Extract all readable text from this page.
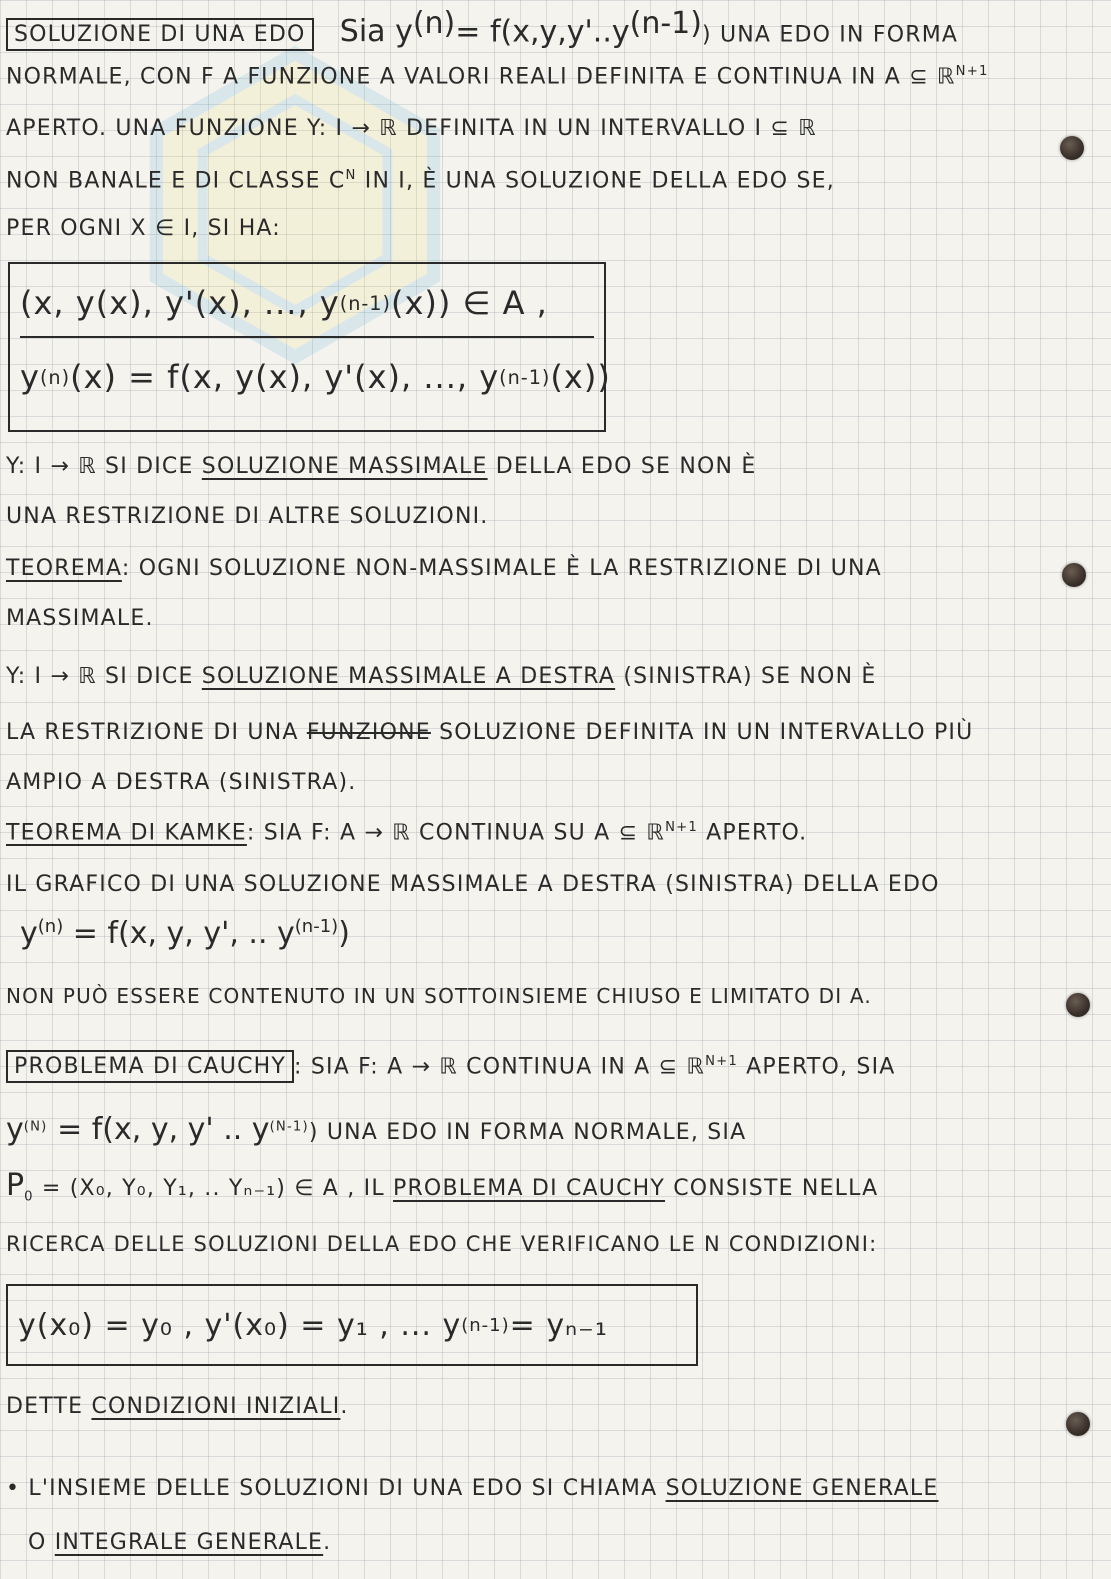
SOLUZIONE DI UNA EDO Sia $y^{(n)}= f(x,y,y'..y^{(n-1)})$ UNA EDO IN FORMA
NORMALE, CON F A FUNZIONE A VALORI REALI DEFINITA E CONTINUA IN A ⊆ ℝ$^{N+1}$
APERTO. UNA FUNZIONE Y: I → ℝ DEFINITA IN UN INTERVALLO I ⊆ ℝ
NON BANALE E DI CLASSE $C^N$ IN I, È UNA SOLUZIONE DELLA EDO SE,
PER OGNI X ∈ I, SI HA:
(x, y(x), y'(x), ..., y (n-1) (x)) ∈ A ,
y (n) (x) = f(x, y(x), y'(x), ..., y (n-1) (x))
Y: I → ℝ SI DICE SOLUZIONE MASSIMALE DELLA EDO SE NON È
UNA RESTRIZIONE DI ALTRE SOLUZIONI.
TEOREMA: OGNI SOLUZIONE NON-MASSIMALE È LA RESTRIZIONE DI UNA
MASSIMALE.
Y: I → ℝ SI DICE SOLUZIONE MASSIMALE A DESTRA (SINISTRA) SE NON È
LA RESTRIZIONE DI UNA FUNZIONE SOLUZIONE DEFINITA IN UN INTERVALLO PIÙ
AMPIO A DESTRA (SINISTRA).
TEOREMA DI KAMKE: SIA F: A → ℝ CONTINUA SU A ⊆ ℝ$^{N+1}$ APERTO.
IL GRAFICO DI UNA SOLUZIONE MASSIMALE A DESTRA (SINISTRA) DELLA EDO
$y^{(n)} = f(x$, y, y', .. $y^{(n-1)}$)
NON PUÒ ESSERE CONTENUTO IN UN SOTTOINSIEME CHIUSO E LIMITATO DI A.
PROBLEMA DI CAUCHY : SIA F: A → ℝ CONTINUA IN A ⊆ ℝ$^{N+1}$ APERTO, SIA
$y^{(N)} = f(x$, y, y' .. $y^{(N-1)}$) UNA EDO IN FORMA NORMALE, SIA
$P_0 = (X_0$, Y₀, Y₁, .. Yₙ₋₁) ∈ A , IL PROBLEMA DI CAUCHY CONSISTE NELLA
RICERCA DELLE SOLUZIONI DELLA EDO CHE VERIFICANO LE N CONDIZIONI:
y(x₀) = y₀ , y'(x₀) = y₁ , ... y (n-1) = yₙ₋₁
DETTE CONDIZIONI INIZIALI.
• L'INSIEME DELLE SOLUZIONI DI UNA EDO SI CHIAMA SOLUZIONE GENERALE
O INTEGRALE GENERALE.
